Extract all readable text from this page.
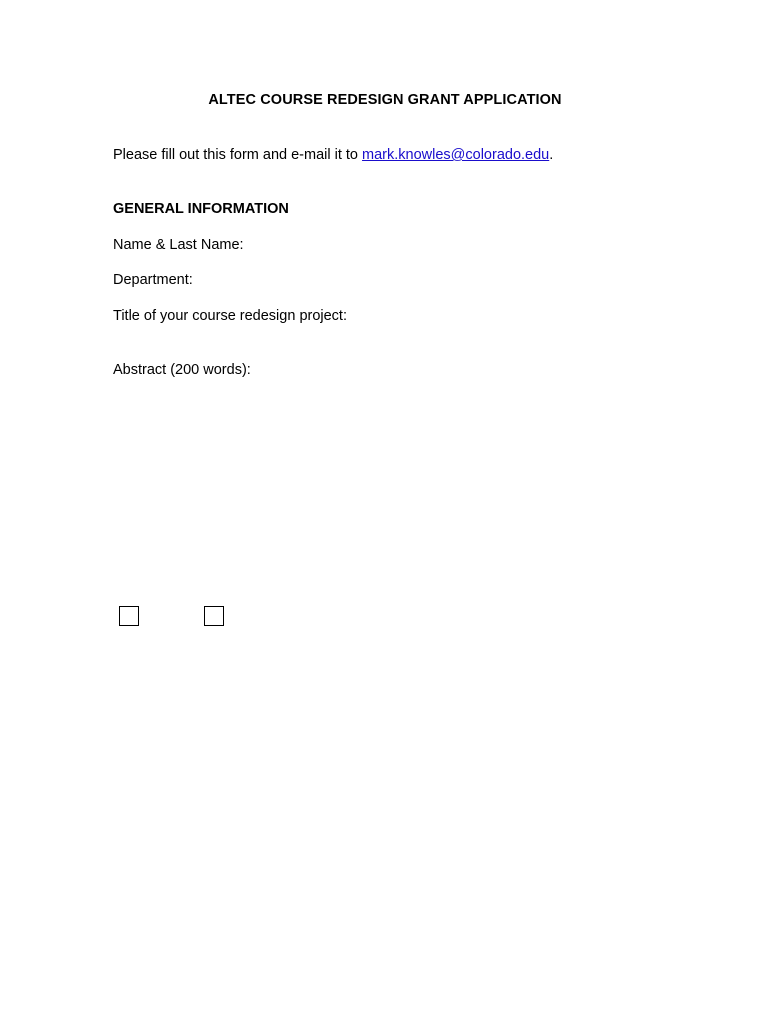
ALTEC COURSE REDESIGN GRANT APPLICATION
Please fill out this form and e-mail it to mark.knowles@colorado.edu.
GENERAL INFORMATION
Name & Last Name:
Department:
Title of your course redesign project:
Abstract (200 words):
